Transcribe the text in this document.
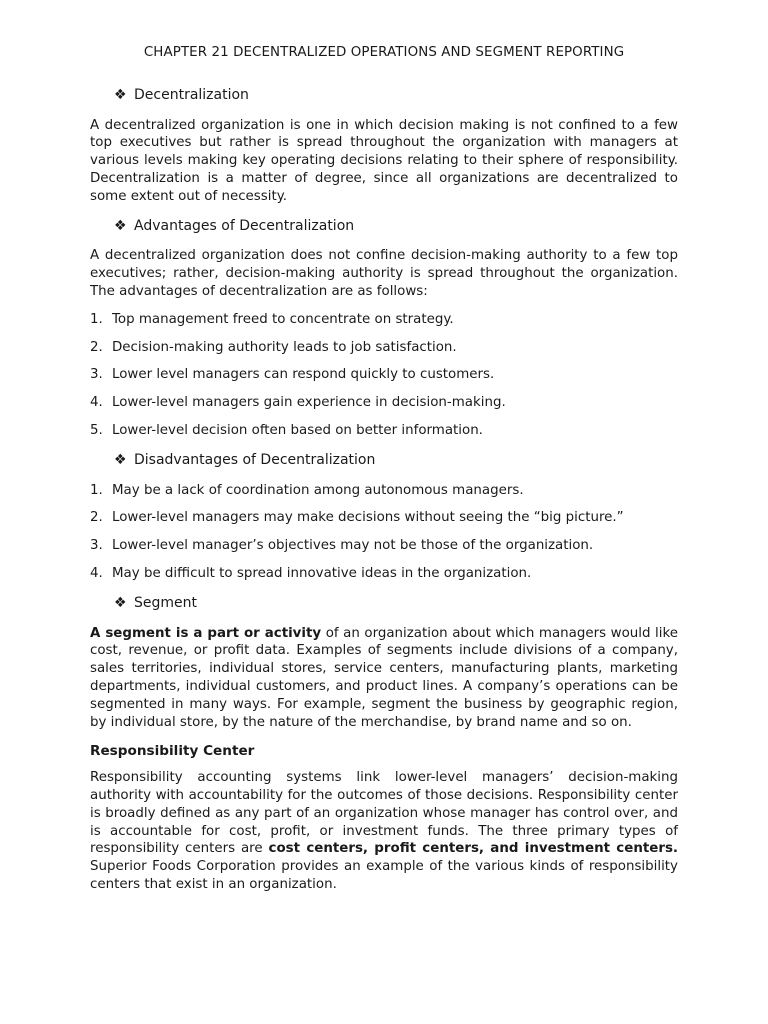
CHAPTER 21 DECENTRALIZED OPERATIONS AND SEGMENT REPORTING
❖ Decentralization

A decentralized organization is one in which decision making is not confined to a few top executives but rather is spread throughout the organization with managers at various levels making key operating decisions relating to their sphere of responsibility. Decentralization is a matter of degree, since all organizations are decentralized to some extent out of necessity.

❖ Advantages of Decentralization

A decentralized organization does not confine decision-making authority to a few top executives; rather, decision-making authority is spread throughout the organization. The advantages of decentralization are as follows:

1. Top management freed to concentrate on strategy.
2. Decision-making authority leads to job satisfaction.
3. Lower level managers can respond quickly to customers.
4. Lower-level managers gain experience in decision-making.
5. Lower-level decision often based on better information.
❖ Disadvantages of Decentralization
1. May be a lack of coordination among autonomous managers.
2. Lower-level managers may make decisions without seeing the “big picture.”
3. Lower-level manager’s objectives may not be those of the organization.
4. May be difficult to spread innovative ideas in the organization.
❖ Segment

A segment is a part or activity of an organization about which managers would like cost, revenue, or profit data. Examples of segments include divisions of a company, sales territories, individual stores, service centers, manufacturing plants, marketing departments, individual customers, and product lines. A company’s operations can be segmented in many ways. For example, segment the business by geographic region, by individual store, by the nature of the merchandise, by brand name and so on.

Responsibility Center

Responsibility accounting systems link lower-level managers’ decision-making authority with accountability for the outcomes of those decisions. Responsibility center is broadly defined as any part of an organization whose manager has control over, and is accountable for cost, profit, or investment funds. The three primary types of responsibility centers are cost centers, profit centers, and investment centers. Superior Foods Corporation provides an example of the various kinds of responsibility centers that exist in an organization.
